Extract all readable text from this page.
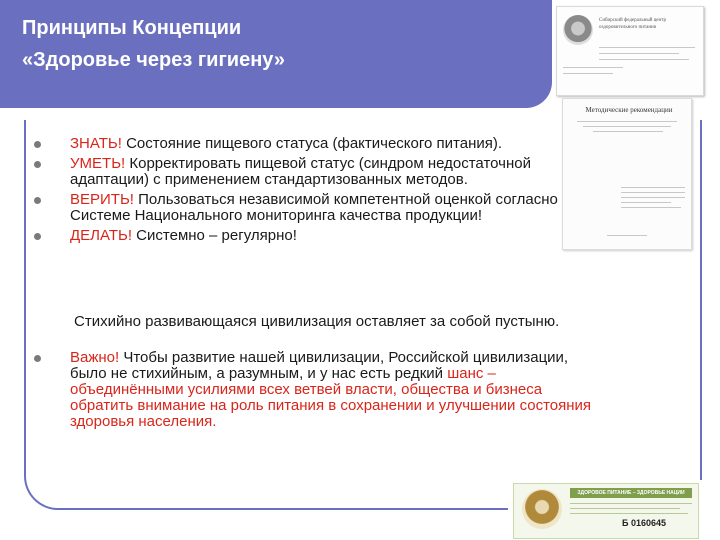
Принципы Концепции
«Здоровье через гигиену»
Сибирский федеральный центр оздоровительного питания
Методические рекомендации
ЗДОРОВОЕ ПИТАНИЕ – ЗДОРОВЬЕ НАЦИИ
Б 0160645
ЗНАТЬ! Состояние пищевого статуса (фактического питания).
УМЕТЬ! Корректировать пищевой статус (синдром недостаточной адаптации) с применением стандартизованных методов.
ВЕРИТЬ! Пользоваться независимой компетентной оценкой согласно Системе Национального мониторинга качества продукции!
ДЕЛАТЬ! Системно – регулярно!
Стихийно развивающаяся цивилизация оставляет за собой пустыню.
Важно! Чтобы развитие нашей цивилизации, Российской цивилизации, было не стихийным, а разумным, и у нас есть редкий шанс – объединёнными усилиями всех ветвей власти, общества и бизнеса обратить внимание на роль питания в сохранении и улучшении состояния здоровья населения.
